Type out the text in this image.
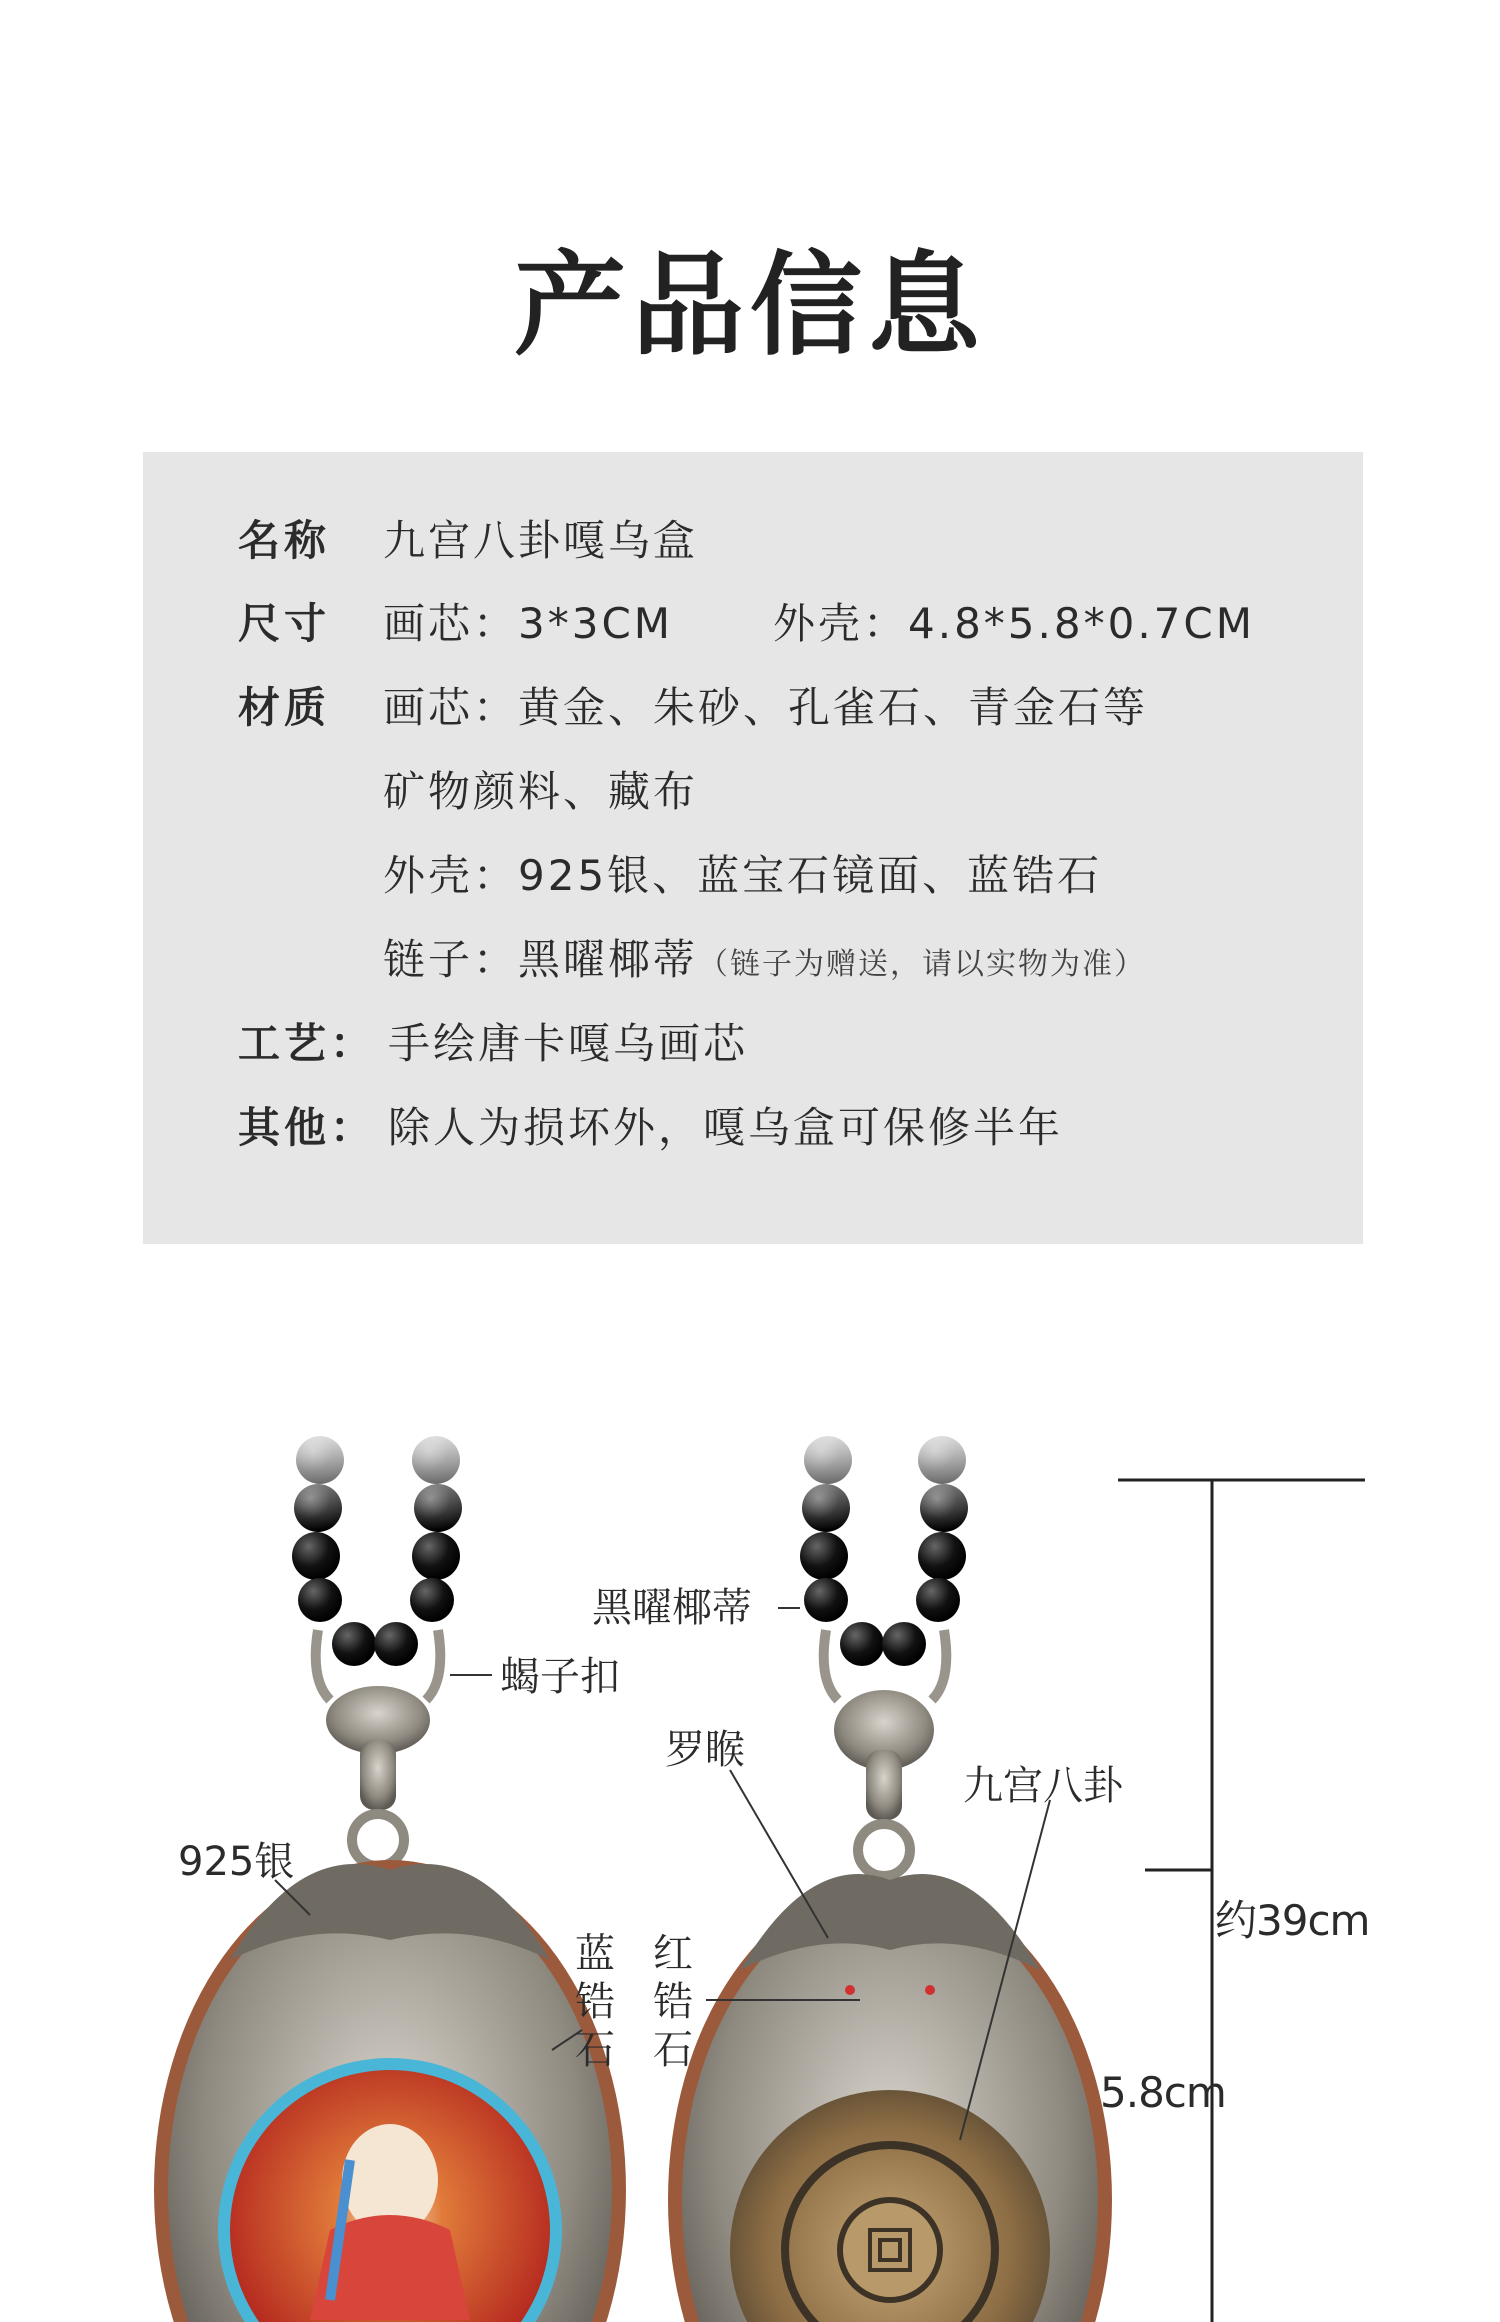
产品信息
名称 九宫八卦嘎乌盒
尺寸 画芯：3*3CM 外壳：4.8*5.8*0.7CM
材质 画芯：黄金、朱砂、孔雀石、青金石等
矿物颜料、藏布
外壳：925银、蓝宝石镜面、蓝锆石
链子：黑曜椰蒂（链子为赠送，请以实物为准）
工艺： 手绘唐卡嘎乌画芯
其他： 除人为损坏外，嘎乌盒可保修半年
蝎子扣
925银
蓝锆石
黑曜椰蒂
罗睺
九宫八卦
红锆石
约39cm
5.8cm
